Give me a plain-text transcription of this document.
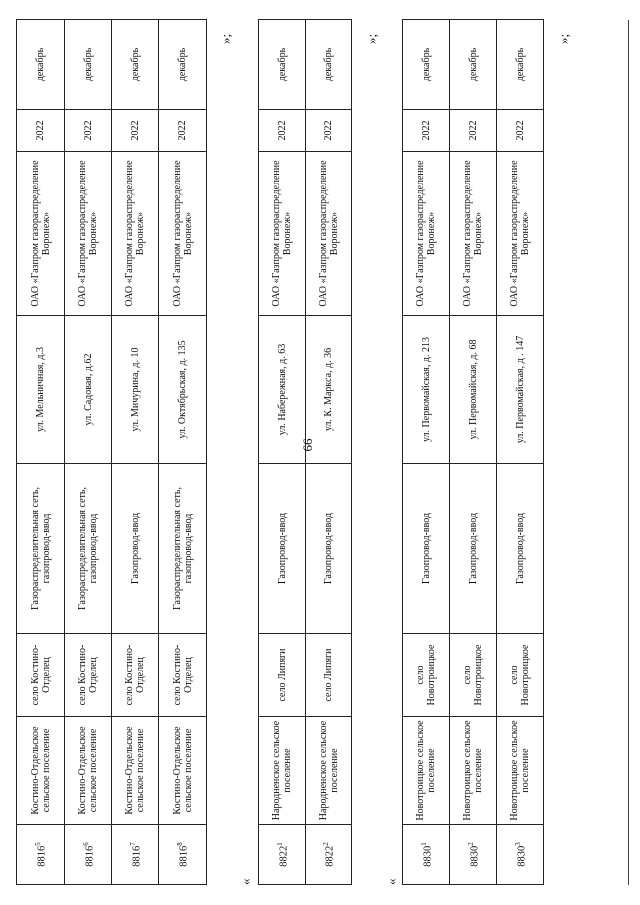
66
8816$^5$	Костино-Отдельское сельское поселение	село Костино-Отделец	Газораспределительная сеть, газопровод-ввод	ул. Мельничная, д.3	ОАО «Газпром газораспределение Воронеж»	2022	декабрь
8816$^6$	Костино-Отдельское сельское поселение	село Костино-Отделец	Газораспределительная сеть, газопровод-ввод	ул. Садовая, д.62	ОАО «Газпром газораспределение Воронеж»	2022	декабрь
8816$^7$	Костино-Отдельское сельское поселение	село Костино-Отделец	Газопровод-ввод	ул. Мичурина, д. 10	ОАО «Газпром газораспределение Воронеж»	2022	декабрь
8816$^8$	Костино-Отдельское сельское поселение	село Костино-Отделец	Газораспределительная сеть, газопровод-ввод	ул. Октябрьская, д. 135	ОАО «Газпром газораспределение Воронеж»	2022	декабрь
»;
«
8822$^1$	Народненское сельское поселение	село Липяги	Газопровод-ввод	ул. Набережная, д. 63	ОАО «Газпром газораспределение Воронеж»	2022	декабрь
8822$^2$	Народненское сельское поселение	село Липяги	Газопровод-ввод	ул. К. Маркса, д. 36	ОАО «Газпром газораспределение Воронеж»	2022	декабрь
»;
«
8830$^1$	Новотроицкое сельское поселение	село Новотроицкое	Газопровод-ввод	ул. Первомайская, д. 213	ОАО «Газпром газораспределение Воронеж»	2022	декабрь
8830$^2$	Новотроицкое сельское поселение	село Новотроицкое	Газопровод-ввод	ул. Первомайская, д. 68	ОАО «Газпром газораспределение Воронеж»	2022	декабрь
8830$^3$	Новотроицкое сельское поселение	село Новотроицкое	Газопровод-ввод	ул. Первомайская, д . 147	ОАО «Газпром газораспределение Воронеж»	2022	декабрь
»;
